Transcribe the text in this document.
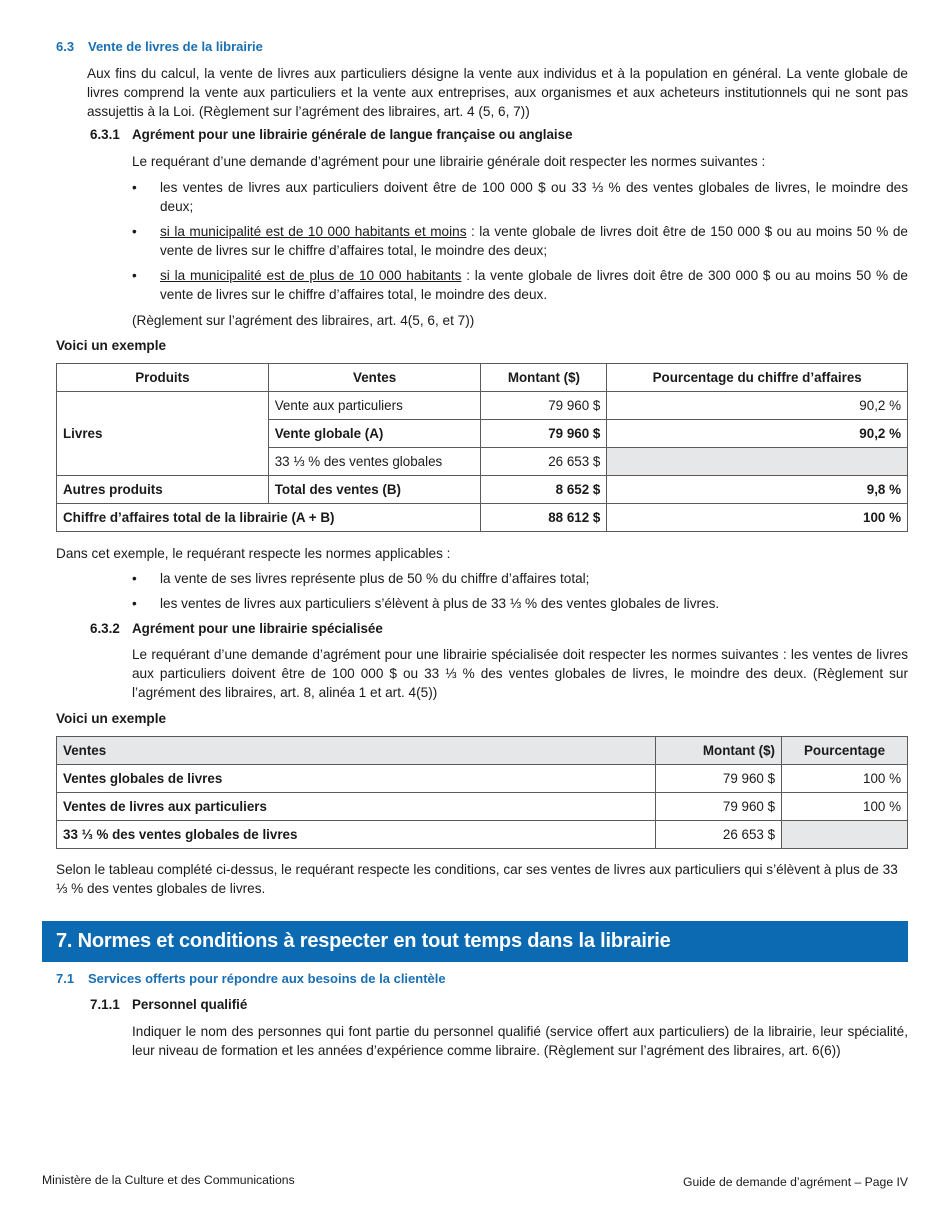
6.3 Vente de livres de la librairie
Aux fins du calcul, la vente de livres aux particuliers désigne la vente aux individus et à la population en général. La vente globale de livres comprend la vente aux particuliers et la vente aux entreprises, aux organismes et aux acheteurs institutionnels qui ne sont pas assujettis à la Loi. (Règlement sur l’agrément des libraires, art. 4 (5, 6, 7))
6.3.1 Agrément pour une librairie générale de langue française ou anglaise
Le requérant d’une demande d’agrément pour une librairie générale doit respecter les normes suivantes :
• les ventes de livres aux particuliers doivent être de 100 000 $ ou 33 ⅓ % des ventes globales de livres, le moindre des deux;
• si la municipalité est de 10 000 habitants et moins : la vente globale de livres doit être de 150 000 $ ou au moins 50 % de vente de livres sur le chiffre d’affaires total, le moindre des deux;
• si la municipalité est de plus de 10 000 habitants : la vente globale de livres doit être de 300 000 $ ou au moins 50 % de vente de livres sur le chiffre d’affaires total, le moindre des deux.
(Règlement sur l’agrément des libraires, art. 4(5, 6, et 7))
Voici un exemple
Produits	Ventes	Montant ($)	Pourcentage du chiffre d’affaires
Livres	Vente aux particuliers	79 960 $	90,2 %
	Vente globale (A)	79 960 $	90,2 %
	33 ⅓ % des ventes globales	26 653 $	
Autres produits	Total des ventes (B)	8 652 $	9,8 %
Chiffre d’affaires total de la librairie (A + B)		88 612 $	100 %
Dans cet exemple, le requérant respecte les normes applicables :
• la vente de ses livres représente plus de 50 % du chiffre d’affaires total;
• les ventes de livres aux particuliers s’élèvent à plus de 33 ⅓ % des ventes globales de livres.
6.3.2 Agrément pour une librairie spécialisée
Le requérant d’une demande d’agrément pour une librairie spécialisée doit respecter les normes suivantes : les ventes de livres aux particuliers doivent être de 100 000 $ ou 33 ⅓ % des ventes globales de livres, le moindre des deux. (Règlement sur l’agrément des libraires, art. 8, alinéa 1 et art. 4(5))
Voici un exemple
Ventes	Montant ($)	Pourcentage
Ventes globales de livres	79 960 $	100 %
Ventes de livres aux particuliers	79 960 $	100 %
33 ⅓ % des ventes globales de livres	26 653 $	
Selon le tableau complété ci-dessus, le requérant respecte les conditions, car ses ventes de livres aux particuliers qui s’élèvent à plus de 33 ⅓ % des ventes globales de livres.
7. Normes et conditions à respecter en tout temps dans la librairie
7.1 Services offerts pour répondre aux besoins de la clientèle
7.1.1 Personnel qualifié
Indiquer le nom des personnes qui font partie du personnel qualifié (service offert aux particuliers) de la librairie, leur spécialité, leur niveau de formation et les années d’expérience comme libraire. (Règlement sur l’agrément des libraires, art. 6(6))
Ministère de la Culture et des Communications	Guide de demande d’agrément – Page IV
